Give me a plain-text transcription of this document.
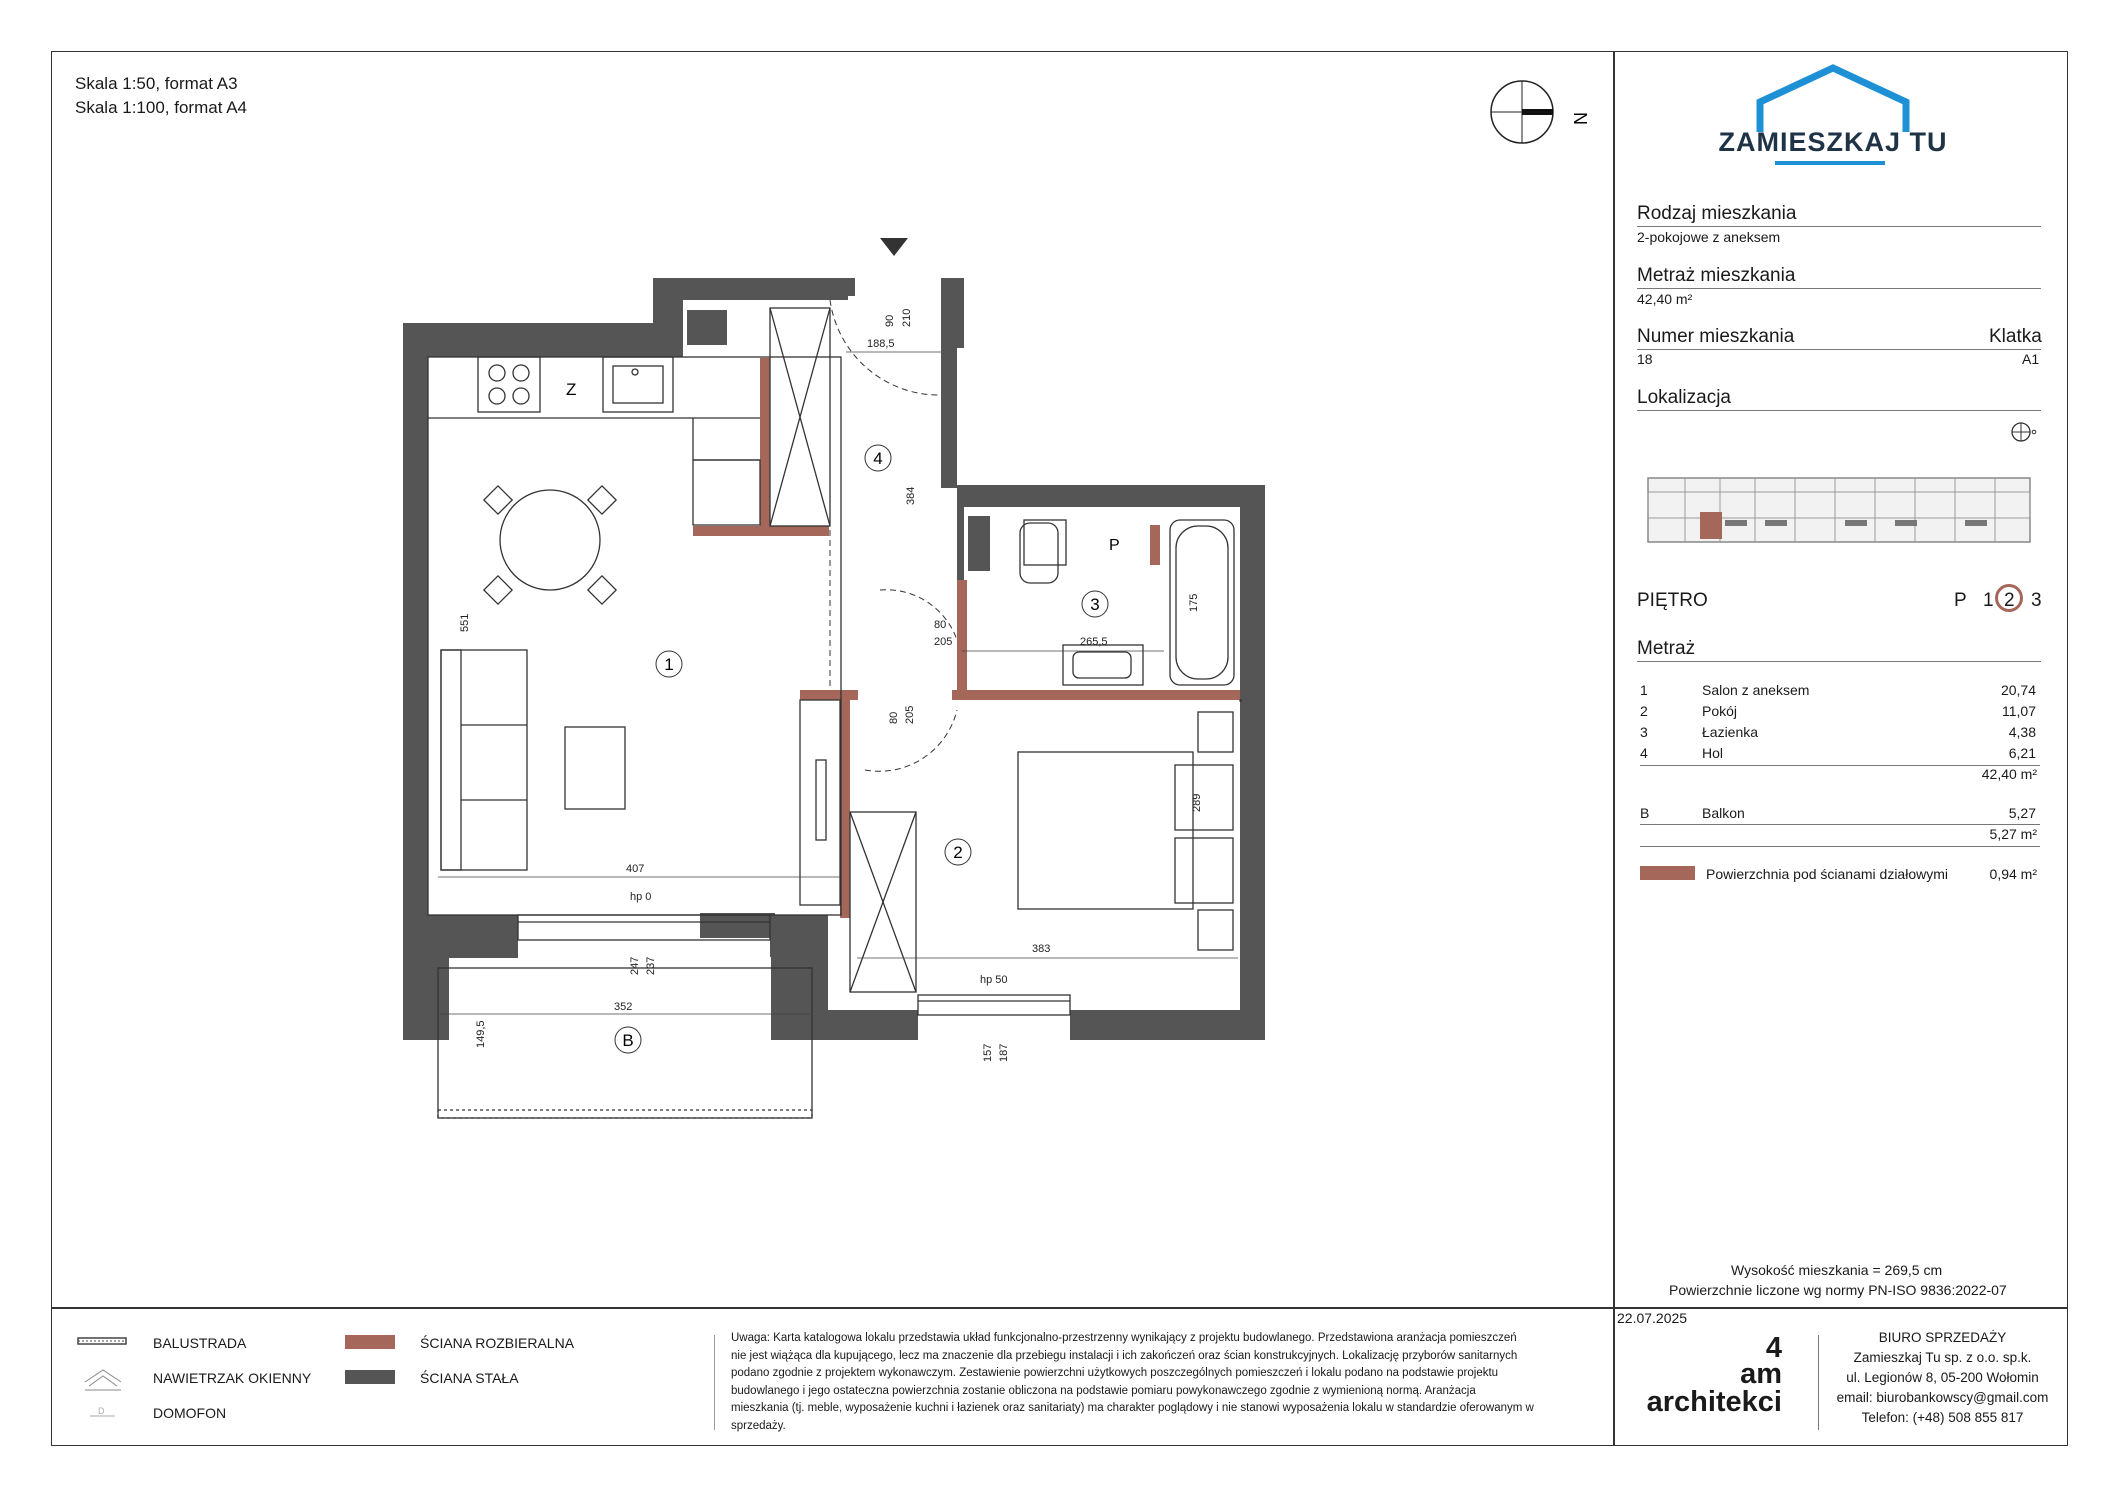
Skala 1:50, format A3
Skala 1:100, format A4
N
ZAMIESZKAJ TU
Rodzaj mieszkania
2-pokojowe z aneksem
Metraż mieszkania
42,40 m²
Numer mieszkania	Klatka
18	A1
Lokalizacja
PIĘTRO	P 1 2 3
Metraż
1	Salon z aneksem	20,74
2	Pokój	11,07
3	Łazienka	4,38
4	Hol	6,21
42,40 m²
B	Balkon	5,27
5,27 m²
Powierzchnia pod ścianami działowymi	0,94 m²
Wysokość mieszkania = 269,5 cm
Powierzchnie liczone wg normy PN-ISO 9836:2022-07
D
BALUSTRADA
NAWIETRZAK OKIENNY
DOMOFON
ŚCIANA ROZBIERALNA
ŚCIANA STAŁA
Uwaga: Karta katalogowa lokalu przedstawia układ funkcjonalno-przestrzenny wynikający z projektu budowlanego. Przedstawiona aranżacja pomieszczeń
nie jest wiążąca dla kupującego, lecz ma znaczenie dla przebiegu instalacji i ich zakończeń oraz ścian konstrukcyjnych. Lokalizację przyborów sanitarnych
podano zgodnie z projektem wykonawczym. Zestawienie powierzchni użytkowych poszczególnych pomieszczeń i lokalu podano na podstawie projektu
budowlanego i jego ostateczna powierzchnia zostanie obliczona na podstawie pomiaru powykonawczego zgodnie z wymienioną normą. Aranżacja
mieszkania (tj. meble, wyposażenie kuchni i łazienek oraz sanitariaty) ma charakter poglądowy i nie stanowi wyposażenia lokalu w standardzie oferowanym w
sprzedaży.
22.07.2025
4
am
architekci
BIURO SPRZEDAŻY
Zamieszkaj Tu sp. z o.o. sp.k.
ul. Legionów 8, 05-200 Wołomin
email: biurobankowscy@gmail.com
Telefon: (+48) 508 855 817
Z
P
4
1
3
2
B
90 210
188,5
384
551
175
80
205	265,5
80 205
407
hp 0
289
383
247 237
hp 50
352
149,5
157 187
